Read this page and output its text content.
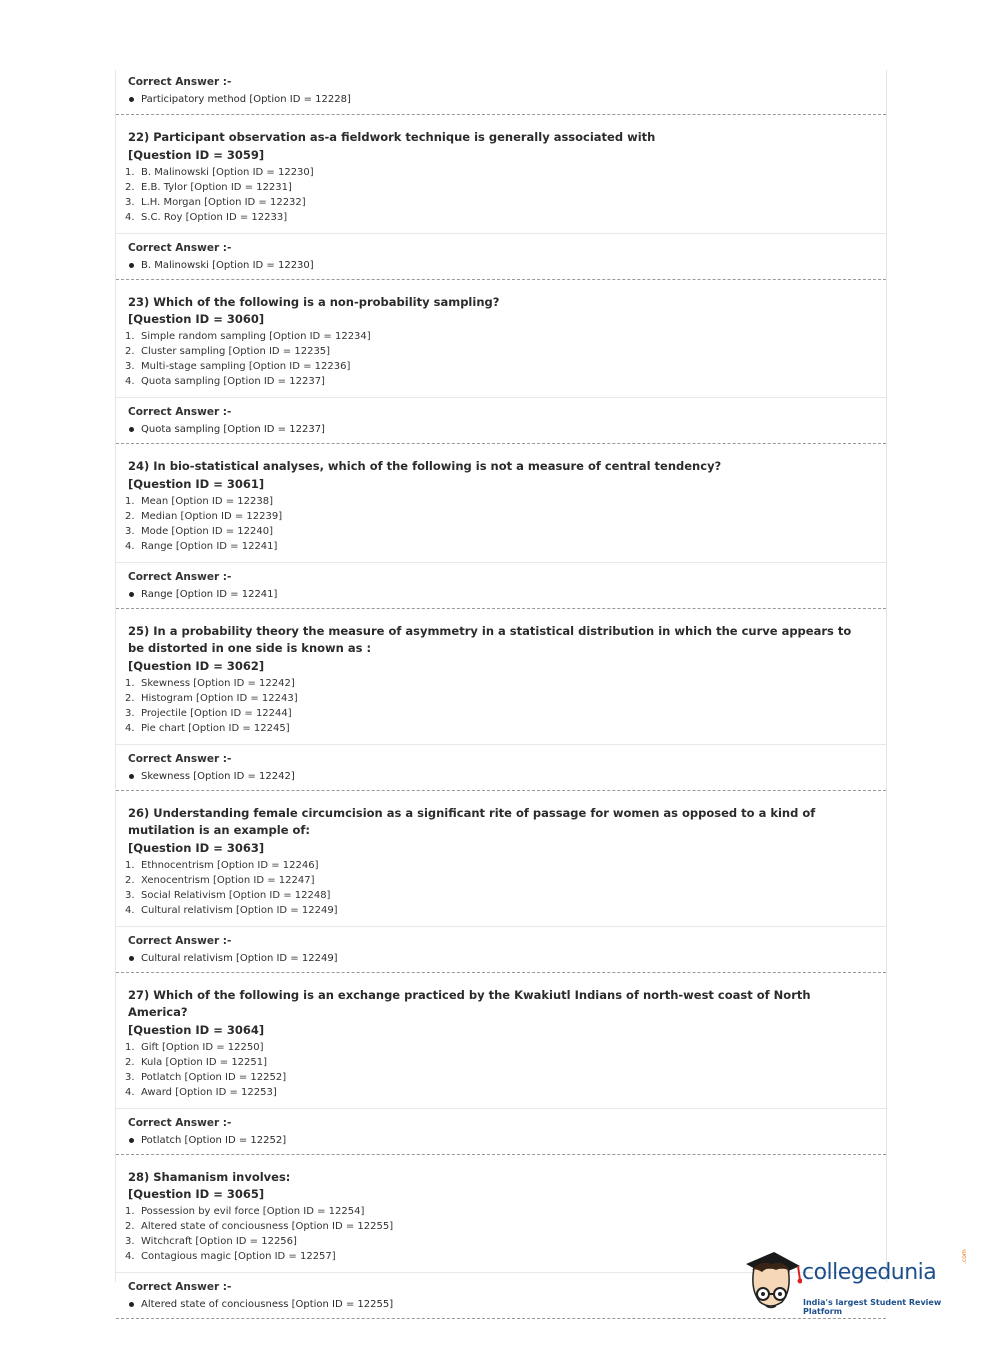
Correct Answer :-
Participatory method [Option ID = 12228]
22) Participant observation as-a fieldwork technique is generally associated with
[Question ID = 3059]
1. B. Malinowski [Option ID = 12230]
2. E.B. Tylor [Option ID = 12231]
3. L.H. Morgan [Option ID = 12232]
4. S.C. Roy [Option ID = 12233]
Correct Answer :-
B. Malinowski [Option ID = 12230]
23) Which of the following is a non-probability sampling?
[Question ID = 3060]
1. Simple random sampling [Option ID = 12234]
2. Cluster sampling [Option ID = 12235]
3. Multi-stage sampling [Option ID = 12236]
4. Quota sampling [Option ID = 12237]
Correct Answer :-
Quota sampling [Option ID = 12237]
24) In bio-statistical analyses, which of the following is not a measure of central tendency?
[Question ID = 3061]
1. Mean [Option ID = 12238]
2. Median [Option ID = 12239]
3. Mode [Option ID = 12240]
4. Range [Option ID = 12241]
Correct Answer :-
Range [Option ID = 12241]
25) In a probability theory the measure of asymmetry in a statistical distribution in which the curve appears to be distorted in one side is known as :
[Question ID = 3062]
1. Skewness [Option ID = 12242]
2. Histogram [Option ID = 12243]
3. Projectile [Option ID = 12244]
4. Pie chart [Option ID = 12245]
Correct Answer :-
Skewness [Option ID = 12242]
26) Understanding female circumcision as a significant rite of passage for women as opposed to a kind of mutilation is an example of:
[Question ID = 3063]
1. Ethnocentrism [Option ID = 12246]
2. Xenocentrism [Option ID = 12247]
3. Social Relativism [Option ID = 12248]
4. Cultural relativism [Option ID = 12249]
Correct Answer :-
Cultural relativism [Option ID = 12249]
27) Which of the following is an exchange practiced by the Kwakiutl Indians of north-west coast of North America?
[Question ID = 3064]
1. Gift [Option ID = 12250]
2. Kula [Option ID = 12251]
3. Potlatch [Option ID = 12252]
4. Award [Option ID = 12253]
Correct Answer :-
Potlatch [Option ID = 12252]
28) Shamanism involves:
[Question ID = 3065]
1. Possession by evil force [Option ID = 12254]
2. Altered state of conciousness [Option ID = 12255]
3. Witchcraft [Option ID = 12256]
4. Contagious magic [Option ID = 12257]
Correct Answer :-
Altered state of conciousness [Option ID = 12255]
collegedunia
.com
India's largest Student Review Platform
